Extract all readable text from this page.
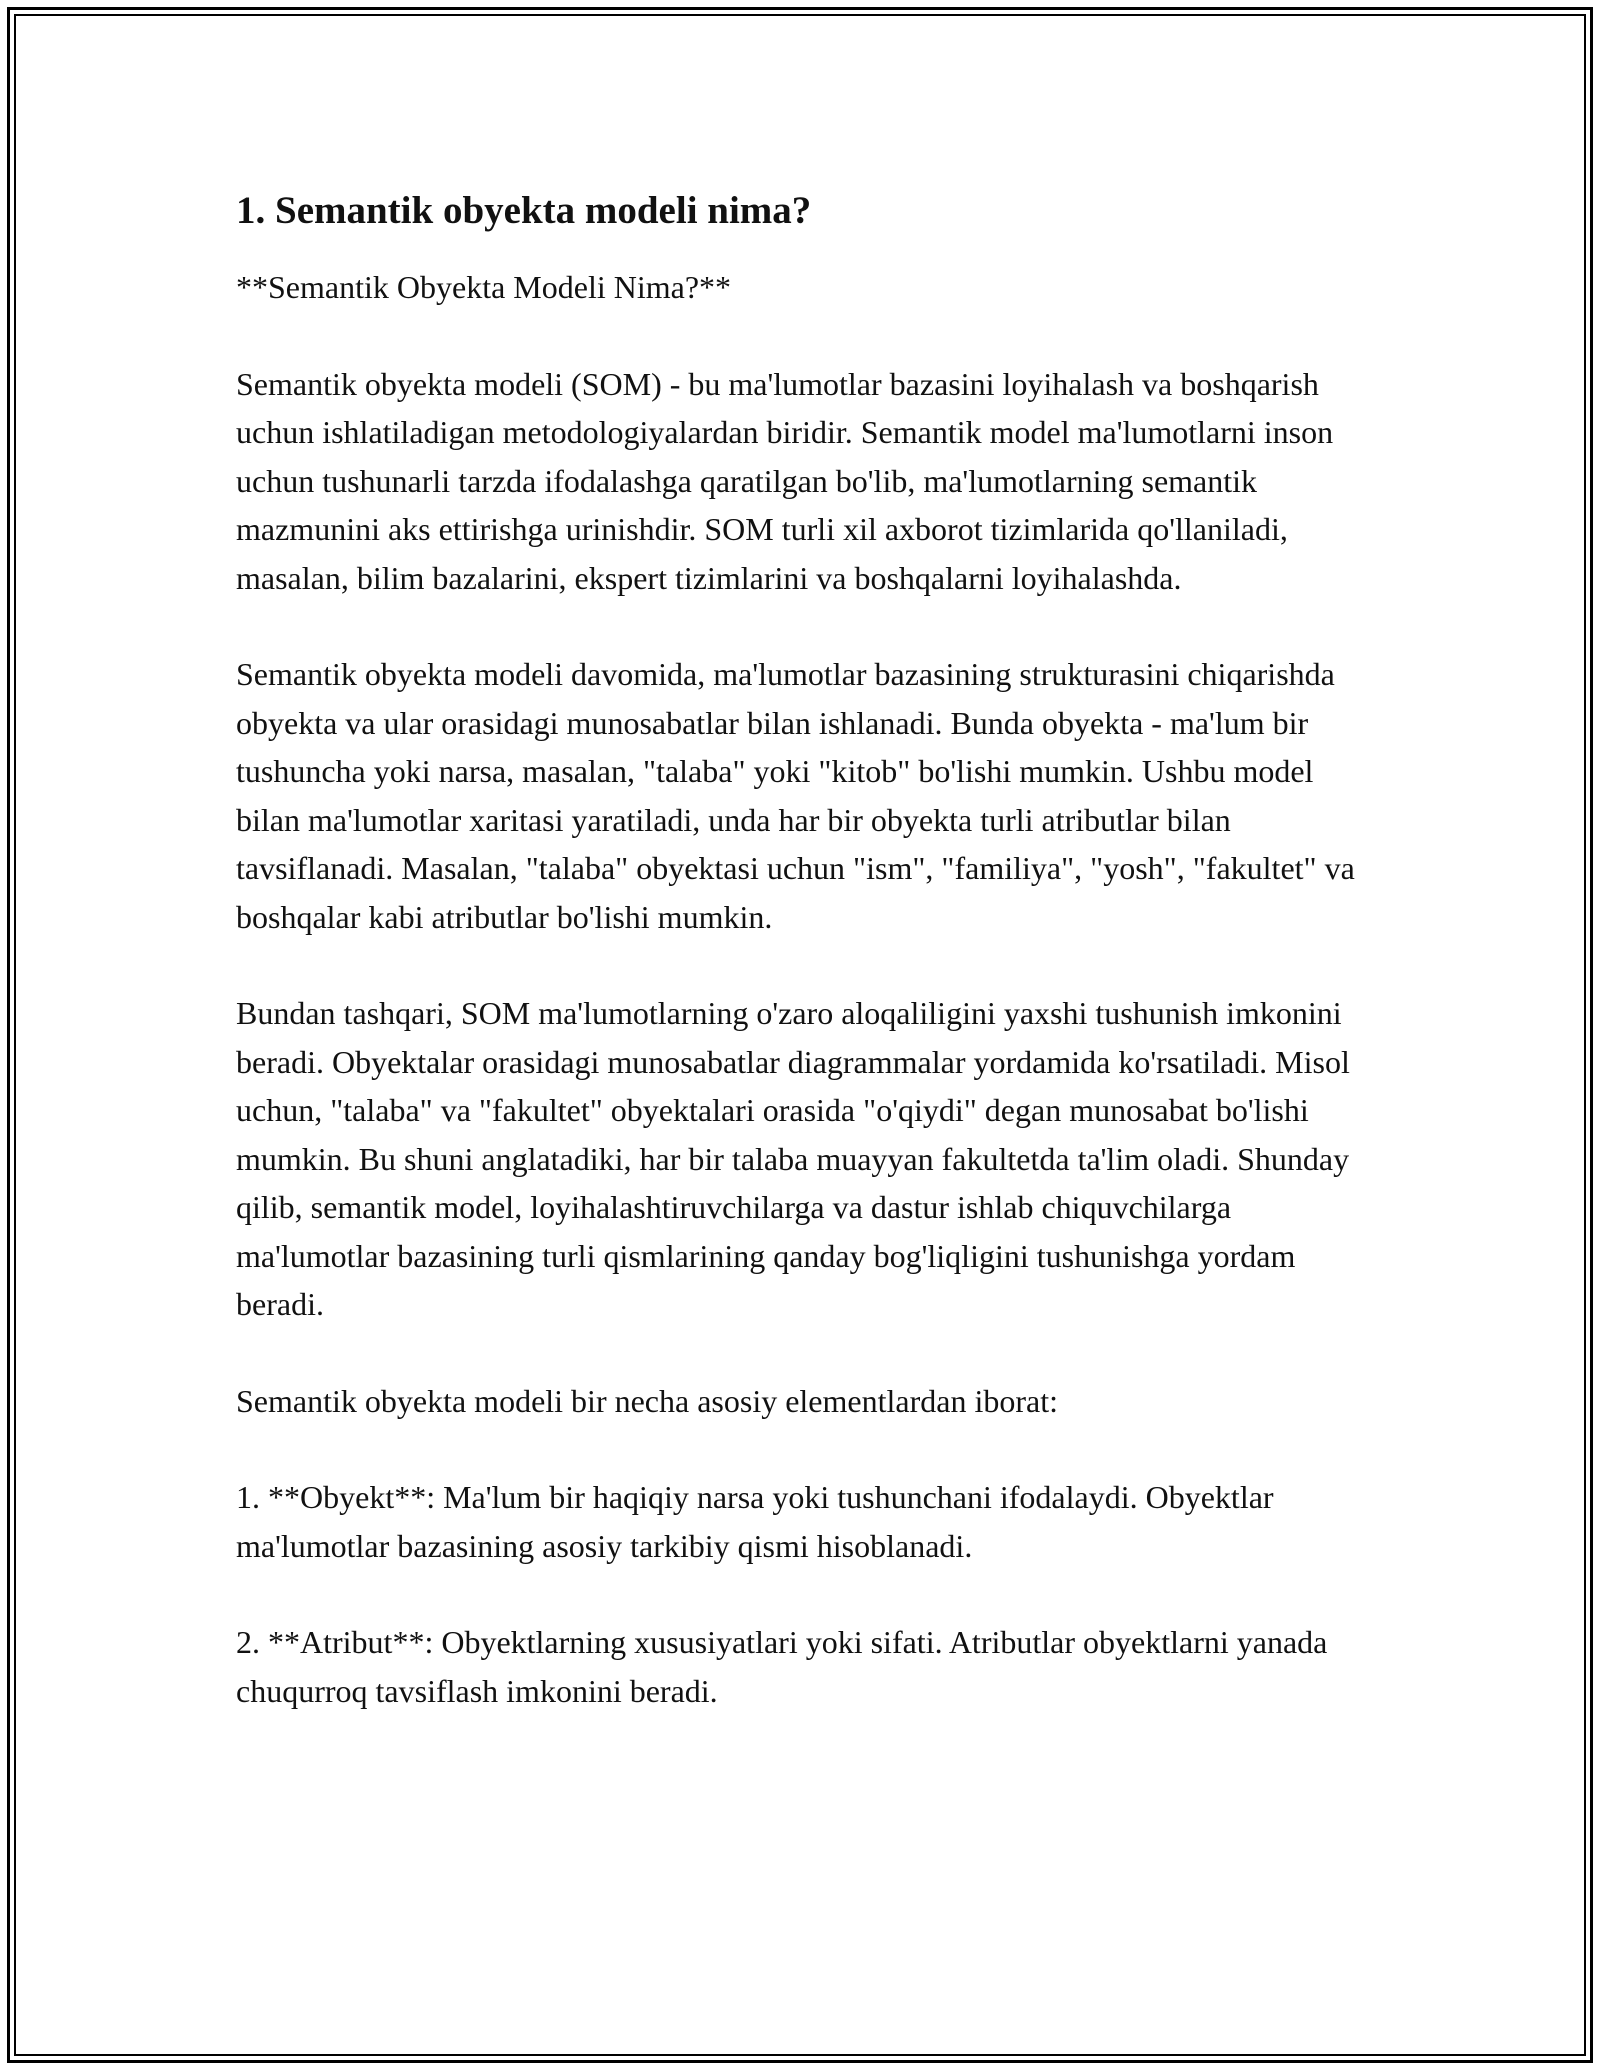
1. Semantik obyekta modeli nima?

**Semantik Obyekta Modeli Nima?**

Semantik obyekta modeli (SOM) - bu ma'lumotlar bazasini loyihalash va boshqarish uchun ishlatiladigan metodologiyalardan biridir. Semantik model ma'lumotlarni inson uchun tushunarli tarzda ifodalashga qaratilgan bo'lib, ma'lumotlarning semantik mazmunini aks ettirishga urinishdir. SOM turli xil axborot tizimlarida qo'llaniladi, masalan, bilim bazalarini, ekspert tizimlarini va boshqalarni loyihalashda.

Semantik obyekta modeli davomida, ma'lumotlar bazasining strukturasini chiqarishda obyekta va ular orasidagi munosabatlar bilan ishlanadi. Bunda obyekta - ma'lum bir tushuncha yoki narsa, masalan, "talaba" yoki "kitob" bo'lishi mumkin. Ushbu model bilan ma'lumotlar xaritasi yaratiladi, unda har bir obyekta turli atributlar bilan tavsiflanadi. Masalan, "talaba" obyektasi uchun "ism", "familiya", "yosh", "fakultet" va boshqalar kabi atributlar bo'lishi mumkin.

Bundan tashqari, SOM ma'lumotlarning o'zaro aloqaliligini yaxshi tushunish imkonini beradi. Obyektalar orasidagi munosabatlar diagrammalar yordamida ko'rsatiladi. Misol uchun, "talaba" va "fakultet" obyektalari orasida "o'qiydi" degan munosabat bo'lishi mumkin. Bu shuni anglatadiki, har bir talaba muayyan fakultetda ta'lim oladi. Shunday qilib, semantik model, loyihalashtiruvchilarga va dastur ishlab chiquvchilarga ma'lumotlar bazasining turli qismlarining qanday bog'liqligini tushunishga yordam beradi.

Semantik obyekta modeli bir necha asosiy elementlardan iborat:

1. **Obyekt**: Ma'lum bir haqiqiy narsa yoki tushunchani ifodalaydi. Obyektlar ma'lumotlar bazasining asosiy tarkibiy qismi hisoblanadi.

2. **Atribut**: Obyektlarning xususiyatlari yoki sifati. Atributlar obyektlarni yanada chuqurroq tavsiflash imkonini beradi.
